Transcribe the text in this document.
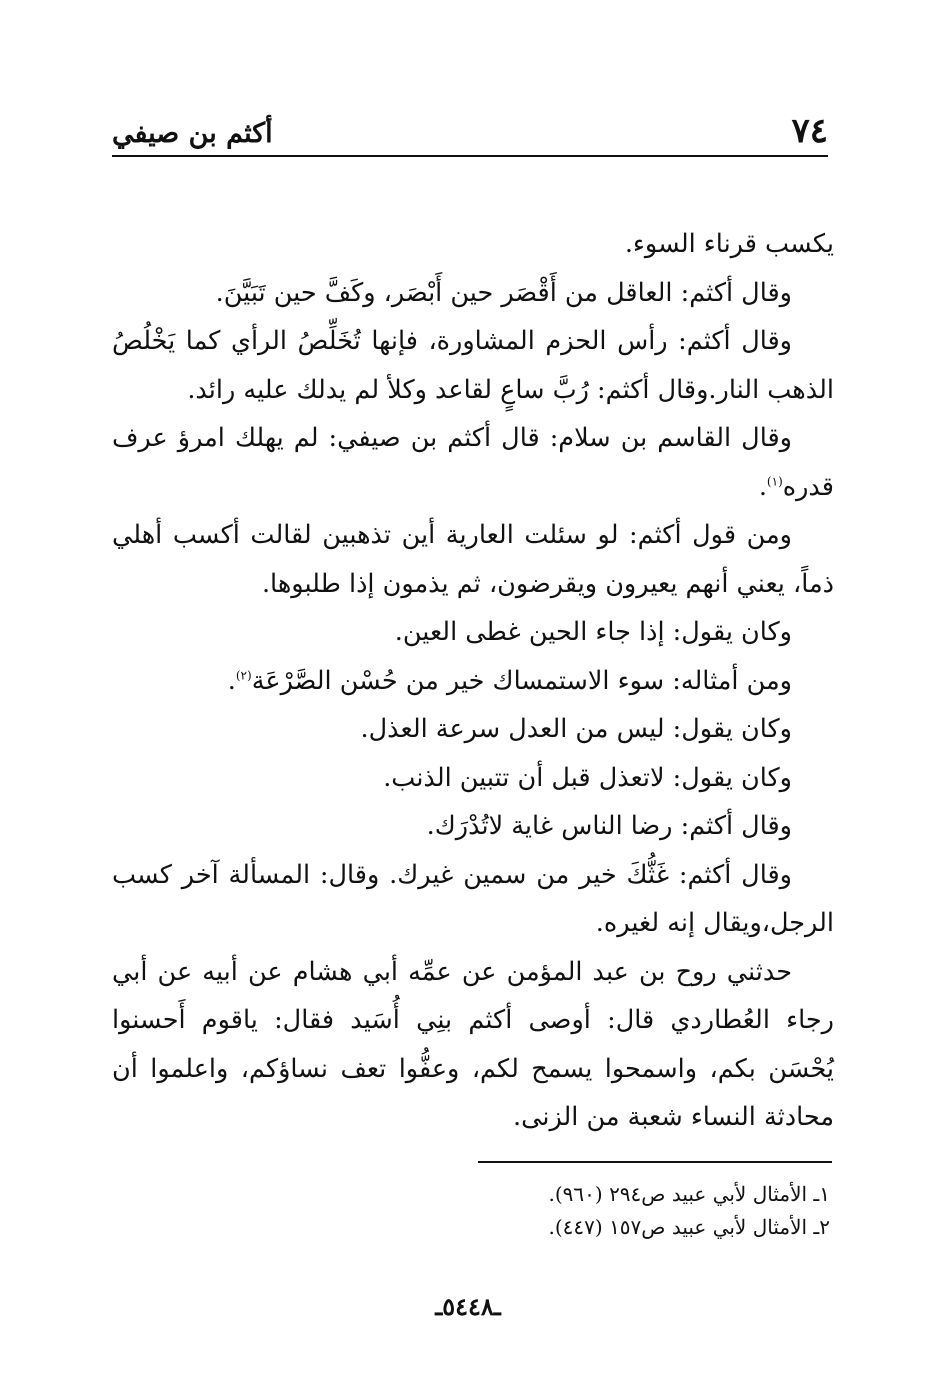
٧٤
أكثم بن صيفي

يكسب قرناء السوء.

وقال أكثم: العاقل من أَقْصَر حين أَبْصَر، وكَفَّ حين تَبَيَّنَ.

وقال أكثم: رأس الحزم المشاورة، فإنها تُخَلِّصُ الرأي كما يَخْلُصُ الذهب النار.وقال أكثم: رُبَّ ساعٍ لقاعد وكلأ لم يدلك عليه رائد.

وقال القاسم بن سلام: قال أكثم بن صيفي: لم يهلك امرؤ عرف قدره$^{(١)}$.

ومن قول أكثم: لو سئلت العارية أين تذهبين لقالت أكسب أهلي ذماً، يعني أنهم يعيرون ويقرضون، ثم يذمون إذا طلبوها.

وكان يقول: إذا جاء الحين غطى العين.

ومن أمثاله: سوء الاستمساك خير من حُسْن الصَّرْعَة$^{(٢)}$.

وكان يقول: ليس من العدل سرعة العذل.

وكان يقول: لاتعذل قبل أن تتبين الذنب.

وقال أكثم: رضا الناس غاية لاتُدْرَك.

وقال أكثم: غَثُّكَ خير من سمين غيرك. وقال: المسألة آخر كسب الرجل،ويقال إنه لغيره.

حدثني روح بن عبد المؤمن عن عمِّه أبي هشام عن أبيه عن أبي رجاء العُطاردي قال: أوصى أكثم بنِي أُسَيد فقال: ياقوم أَحسنوا يُحْسَن بكم، واسمحوا يسمح لكم، وعفُّوا تعف نساؤكم، واعلموا أن محادثة النساء شعبة من الزنى.

١ـ الأمثال لأبي عبيد ص٢٩٤ (٩٦٠).

٢ـ الأمثال لأبي عبيد ص١٥٧ (٤٤٧).

ـ٥٤٤٨ـ
